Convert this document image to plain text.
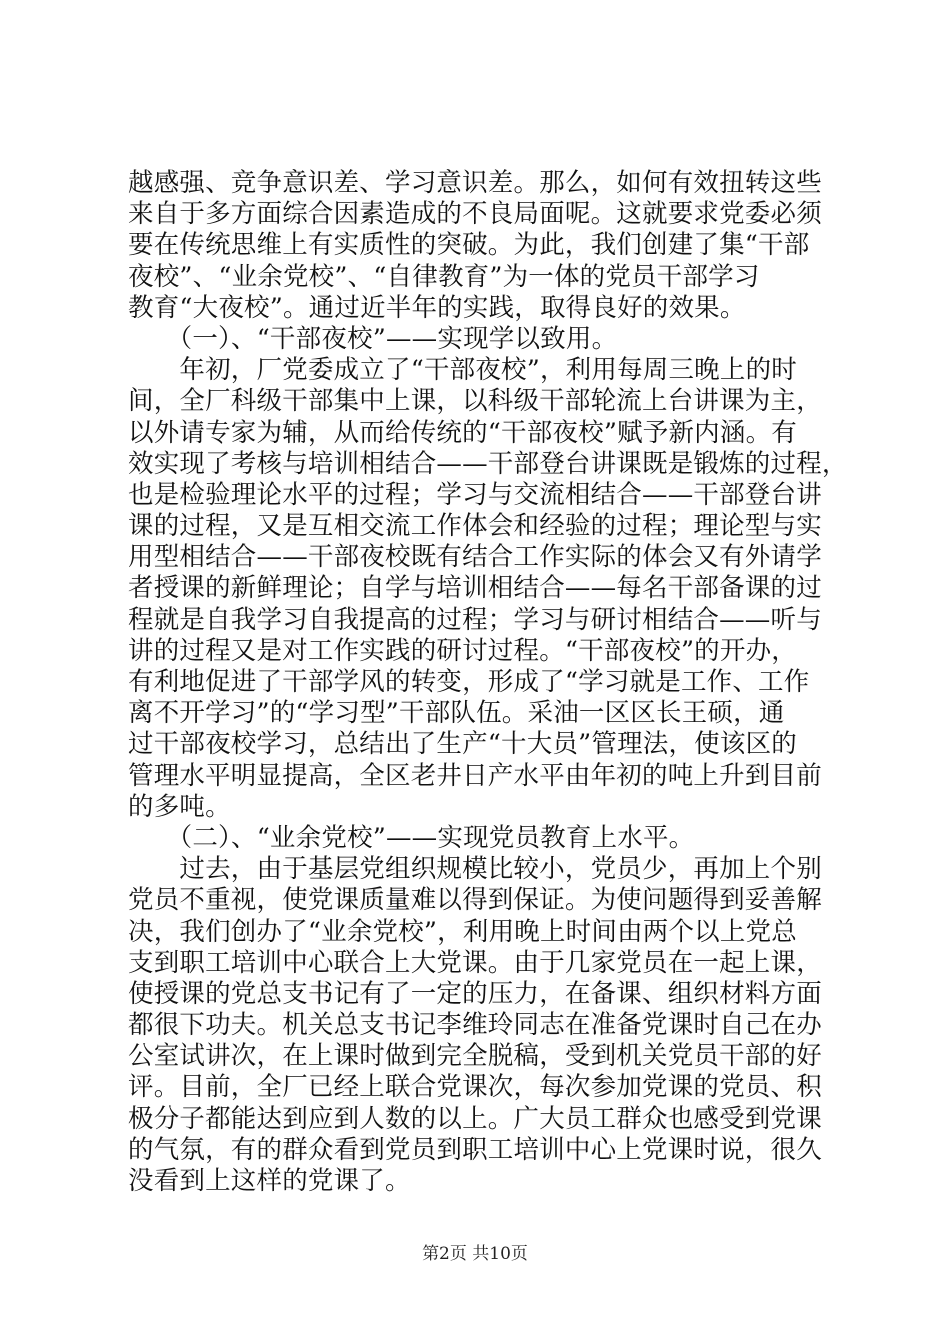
越感强、竞争意识差、学习意识差。那么，如何有效扭转这些
来自于多方面综合因素造成的不良局面呢。这就要求党委必须
要在传统思维上有实质性的突破。为此，我们创建了集“干部
夜校”、“业余党校”、“自律教育”为一体的党员干部学习
教育“大夜校”。通过近半年的实践，取得良好的效果。
　　（一）、“干部夜校”——实现学以致用。
　　年初，厂党委成立了“干部夜校”，利用每周三晚上的时
间，全厂科级干部集中上课，以科级干部轮流上台讲课为主，
以外请专家为辅，从而给传统的“干部夜校”赋予新内涵。有
效实现了考核与培训相结合——干部登台讲课既是锻炼的过程，
也是检验理论水平的过程；学习与交流相结合——干部登台讲
课的过程，又是互相交流工作体会和经验的过程；理论型与实
用型相结合——干部夜校既有结合工作实际的体会又有外请学
者授课的新鲜理论；自学与培训相结合——每名干部备课的过
程就是自我学习自我提高的过程；学习与研讨相结合——听与
讲的过程又是对工作实践的研讨过程。“干部夜校”的开办，
有利地促进了干部学风的转变，形成了“学习就是工作、工作
离不开学习”的“学习型”干部队伍。采油一区区长王硕，通
过干部夜校学习，总结出了生产“十大员”管理法，使该区的
管理水平明显提高，全区老井日产水平由年初的吨上升到目前
的多吨。
　　（二）、“业余党校”——实现党员教育上水平。
　　过去，由于基层党组织规模比较小，党员少，再加上个别
党员不重视，使党课质量难以得到保证。为使问题得到妥善解
决，我们创办了“业余党校”，利用晚上时间由两个以上党总
支到职工培训中心联合上大党课。由于几家党员在一起上课，
使授课的党总支书记有了一定的压力，在备课、组织材料方面
都很下功夫。机关总支书记李维玲同志在准备党课时自己在办
公室试讲次，在上课时做到完全脱稿，受到机关党员干部的好
评。目前，全厂已经上联合党课次，每次参加党课的党员、积
极分子都能达到应到人数的以上。广大员工群众也感受到党课
的气氛，有的群众看到党员到职工培训中心上党课时说，很久
没看到上这样的党课了。
第2页 共10页
